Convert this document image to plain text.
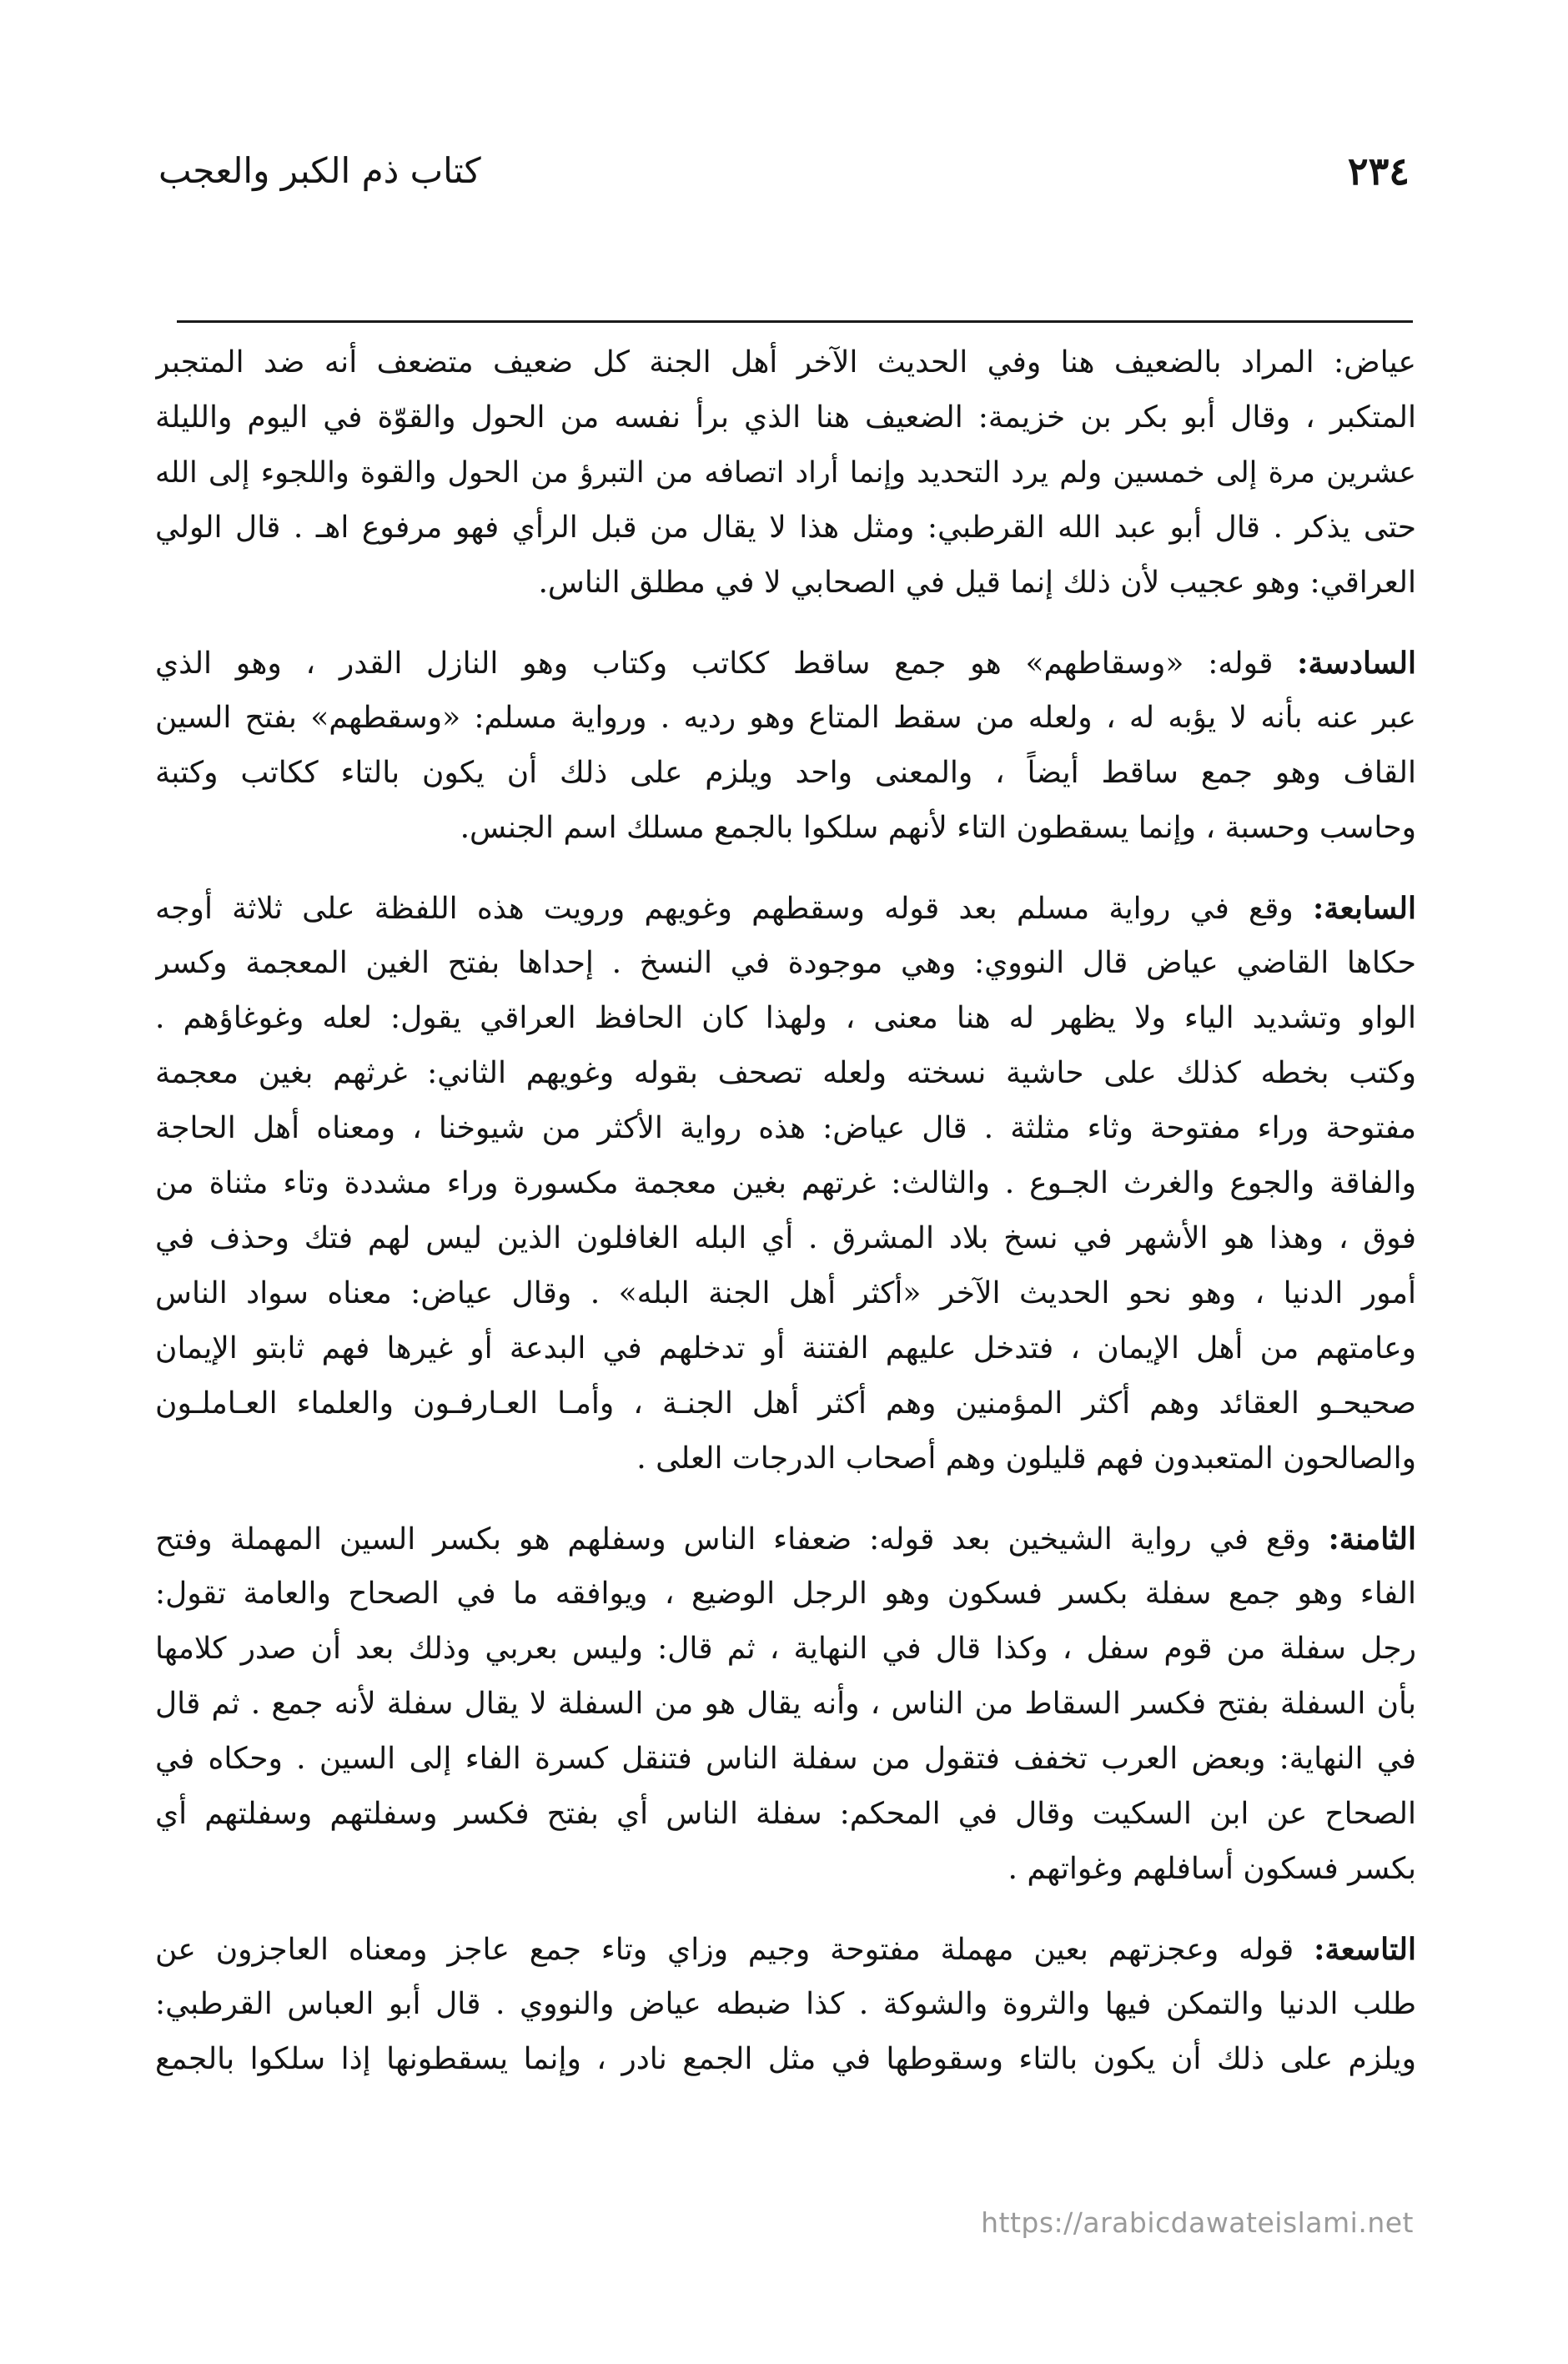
٢٣٤
كتاب ذم الكبر والعجب
عياض: المراد بالضعيف هنا وفي الحديث الآخر أهل الجنة كل ضعيف متضعف أنه ضد المتجبر
المتكبر ، وقال أبو بكر بن خزيمة: الضعيف هنا الذي برأ نفسه من الحول والقوّة في اليوم والليلة
عشرين مرة إلى خمسين ولم يرد التحديد وإنما أراد اتصافه من التبرؤ من الحول والقوة واللجوء إلى الله
حتى يذكر . قال أبو عبد الله القرطبي: ومثل هذا لا يقال من قبل الرأي فهو مرفوع اهـ . قال الولي
العراقي: وهو عجيب لأن ذلك إنما قيل في الصحابي لا في مطلق الناس.
السادسة: قوله: «وسقاطهم» هو جمع ساقط ككاتب وكتاب وهو النازل القدر ، وهو الذي
عبر عنه بأنه لا يؤبه له ، ولعله من سقط المتاع وهو رديه . ورواية مسلم: «وسقطهم» بفتح السين
القاف وهو جمع ساقط أيضاً ، والمعنى واحد ويلزم على ذلك أن يكون بالتاء ككاتب وكتبة
وحاسب وحسبة ، وإنما يسقطون التاء لأنهم سلكوا بالجمع مسلك اسم الجنس.
السابعة: وقع في رواية مسلم بعد قوله وسقطهم وغويهم ورويت هذه اللفظة على ثلاثة أوجه
حكاها القاضي عياض قال النووي: وهي موجودة في النسخ . إحداها بفتح الغين المعجمة وكسر
الواو وتشديد الياء ولا يظهر له هنا معنى ، ولهذا كان الحافظ العراقي يقول: لعله وغوغاؤهم .
وكتب بخطه كذلك على حاشية نسخته ولعله تصحف بقوله وغويهم الثاني: غرثهم بغين معجمة
مفتوحة وراء مفتوحة وثاء مثلثة . قال عياض: هذه رواية الأكثر من شيوخنا ، ومعناه أهل الحاجة
والفاقة والجوع والغرث الجـوع . والثالث: غرتهم بغين معجمة مكسورة وراء مشددة وتاء مثناة من
فوق ، وهذا هو الأشهر في نسخ بلاد المشرق . أي البله الغافلون الذين ليس لهم فتك وحذف في
أمور الدنيا ، وهو نحو الحديث الآخر «أكثر أهل الجنة البله» . وقال عياض: معناه سواد الناس
وعامتهم من أهل الإيمان ، فتدخل عليهم الفتنة أو تدخلهم في البدعة أو غيرها فهم ثابتو الإيمان
صحيحـو العقائد وهم أكثر المؤمنين وهم أكثر أهل الجنـة ، وأمـا العـارفـون والعلماء العـاملـون
والصالحون المتعبدون فهم قليلون وهم أصحاب الدرجات العلى .
الثامنة: وقع في رواية الشيخين بعد قوله: ضعفاء الناس وسفلهم هو بكسر السين المهملة وفتح
الفاء وهو جمع سفلة بكسر فسكون وهو الرجل الوضيع ، ويوافقه ما في الصحاح والعامة تقول:
رجل سفلة من قوم سفل ، وكذا قال في النهاية ، ثم قال: وليس بعربي وذلك بعد أن صدر كلامها
بأن السفلة بفتح فكسر السقاط من الناس ، وأنه يقال هو من السفلة لا يقال سفلة لأنه جمع . ثم قال
في النهاية: وبعض العرب تخفف فتقول من سفلة الناس فتنقل كسرة الفاء إلى السين . وحكاه في
الصحاح عن ابن السكيت وقال في المحكم: سفلة الناس أي بفتح فكسر وسفلتهم وسفلتهم أي
بكسر فسكون أسافلهم وغواتهم .
التاسعة: قوله وعجزتهم بعين مهملة مفتوحة وجيم وزاي وتاء جمع عاجز ومعناه العاجزون عن
طلب الدنيا والتمكن فيها والثروة والشوكة . كذا ضبطه عياض والنووي . قال أبو العباس القرطبي:
ويلزم على ذلك أن يكون بالتاء وسقوطها في مثل الجمع نادر ، وإنما يسقطونها إذا سلكوا بالجمع
https://arabicdawateislami.net
